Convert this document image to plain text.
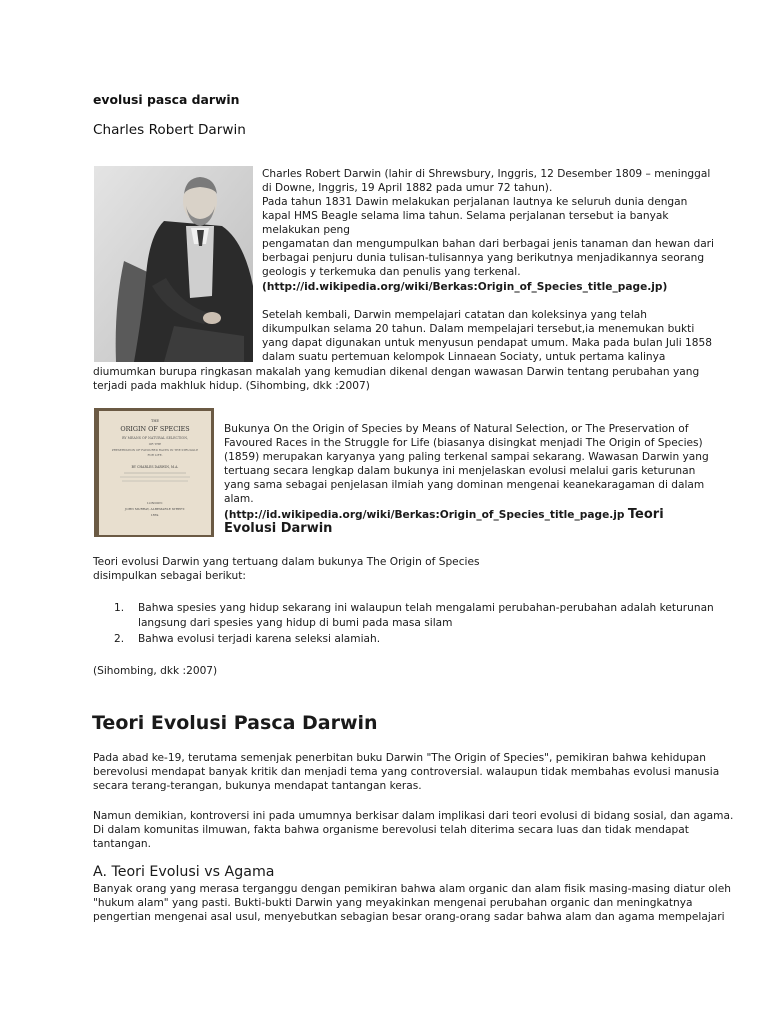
evolusi pasca darwin
Charles Robert Darwin
Charles Robert Darwin (lahir di Shrewsbury, Inggris, 12 Desember 1809 – meninggal
di Downe, Inggris, 19 April 1882 pada umur 72 tahun).
Pada tahun 1831 Dawin melakukan perjalanan lautnya ke seluruh dunia dengan
kapal HMS Beagle selama lima tahun. Selama perjalanan tersebut ia banyak
melakukan peng
pengamatan dan mengumpulkan bahan dari berbagai jenis tanaman dan hewan dari
berbagai penjuru dunia tulisan-tulisannya yang berikutnya menjadikannya seorang
geologis y terkemuka dan penulis yang terkenal.
(http://id.wikipedia.org/wiki/Berkas:Origin_of_Species_title_page.jp)
Setelah kembali, Darwin mempelajari catatan dan koleksinya yang telah
dikumpulkan selama 20 tahun. Dalam mempelajari tersebut,ia menemukan bukti
yang dapat digunakan untuk menyusun pendapat umum. Maka pada bulan Juli 1858
dalam suatu pertemuan kelompok Linnaean Sociaty, untuk pertama kalinya
diumumkan burupa ringkasan makalah yang kemudian dikenal dengan wawasan Darwin tentang perubahan yang
terjadi pada makhluk hidup. (Sihombing, dkk :2007)
THE
ORIGIN OF SPECIES
BY MEANS OF NATURAL SELECTION,
OR THE
PRESERVATION OF FAVOURED RACES IN THE STRUGGLE
FOR LIFE.
BY CHARLES DARWIN, M.A.
LONDON:
JOHN MURRAY, ALBEMARLE STREET.
1859.
Bukunya On the Origin of Species by Means of Natural Selection, or The Preservation of
Favoured Races in the Struggle for Life (biasanya disingkat menjadi The Origin of Species)
(1859) merupakan karyanya yang paling terkenal sampai sekarang. Wawasan Darwin yang
tertuang secara lengkap dalam bukunya ini menjelaskan evolusi melalui garis keturunan
yang sama sebagai penjelasan ilmiah yang dominan mengenai keanekaragaman di dalam
alam.
(http://id.wikipedia.org/wiki/Berkas:Origin_of_Species_title_page.jp Teori
Evolusi Darwin
Teori evolusi Darwin yang tertuang dalam bukunya The Origin of Species
disimpulkan sebagai berikut:
1. Bahwa spesies yang hidup sekarang ini walaupun telah mengalami perubahan-perubahan adalah keturunan
langsung dari spesies yang hidup di bumi pada masa silam
2. Bahwa evolusi terjadi karena seleksi alamiah.
(Sihombing, dkk :2007)
Teori Evolusi Pasca Darwin
Pada abad ke-19, terutama semenjak penerbitan buku Darwin "The Origin of Species", pemikiran bahwa kehidupan
berevolusi mendapat banyak kritik dan menjadi tema yang controversial. walaupun tidak membahas evolusi manusia
secara terang-terangan, bukunya mendapat tantangan keras.
Namun demikian, kontroversi ini pada umumnya berkisar dalam implikasi dari teori evolusi di bidang sosial, dan agama.
Di dalam komunitas ilmuwan, fakta bahwa organisme berevolusi telah diterima secara luas dan tidak mendapat
tantangan.
A. Teori Evolusi vs Agama
Banyak orang yang merasa terganggu dengan pemikiran bahwa alam organic dan alam fisik masing-masing diatur oleh
"hukum alam" yang pasti. Bukti-bukti Darwin yang meyakinkan mengenai perubahan organic dan meningkatnya
pengertian mengenai asal usul, menyebutkan sebagian besar orang-orang sadar bahwa alam dan agama mempelajari
